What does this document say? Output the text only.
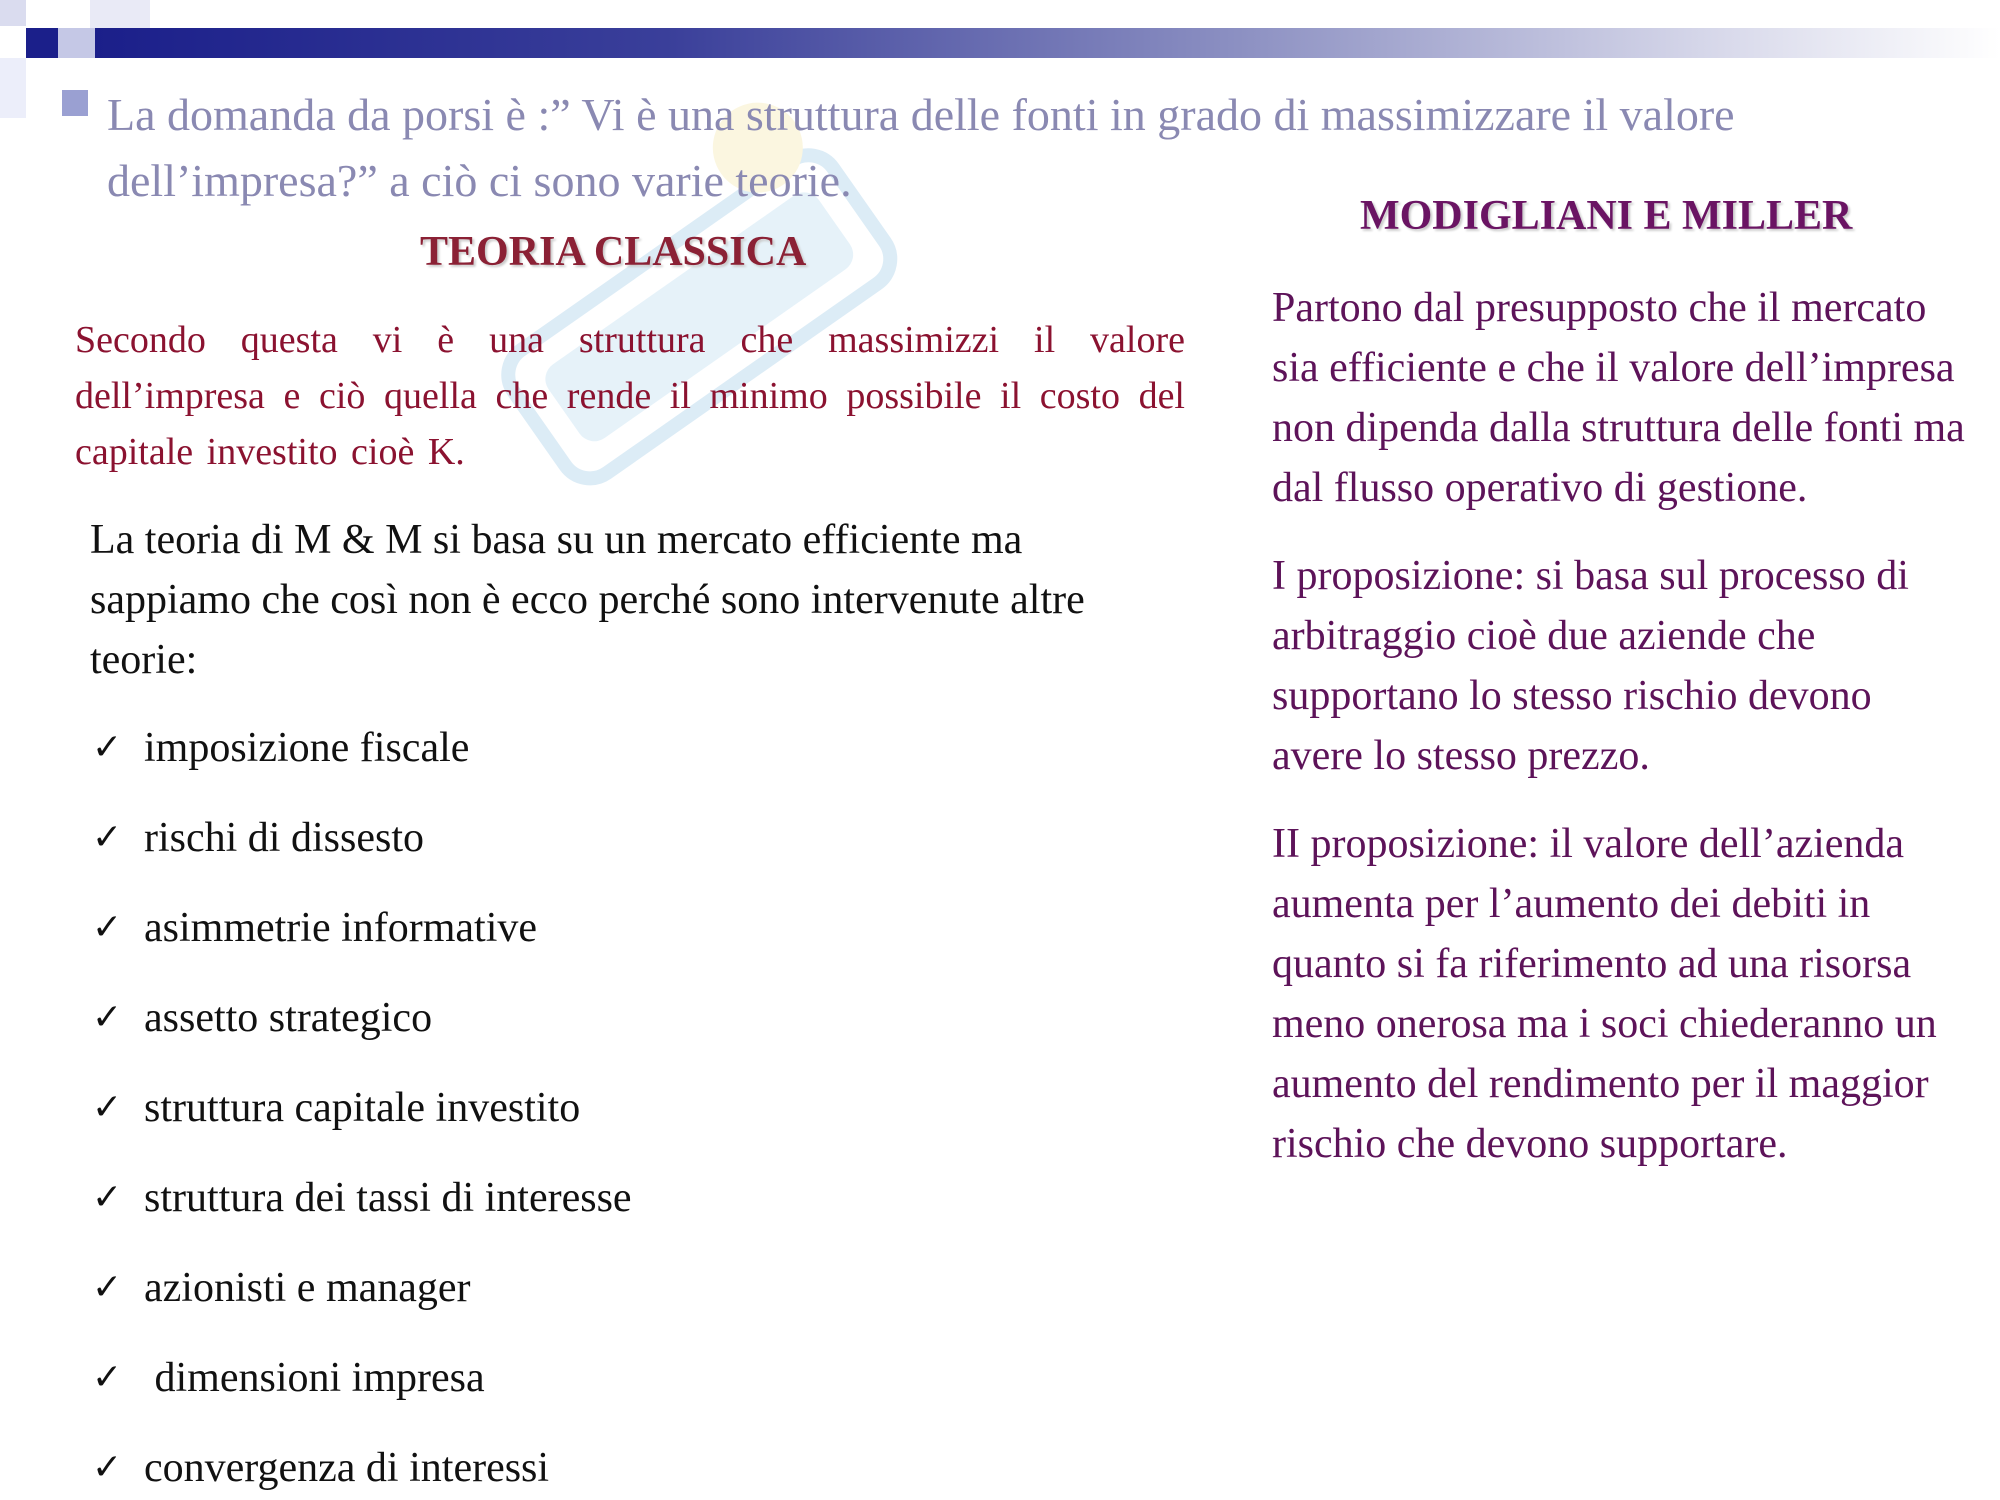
La domanda da porsi è :” Vi è una struttura delle fonti in grado di massimizzare il valore dell’impresa?” a ciò ci sono varie teorie.
TEORIA CLASSICA
MODIGLIANI E MILLER
Secondo questa vi è una struttura che massimizzi il valore dell’impresa e ciò quella che rende il minimo possibile il costo del capitale investito cioè K.
La teoria di M & M si basa su un mercato efficiente ma sappiamo che così non è ecco perché sono intervenute altre teorie:
✓ imposizione fiscale
✓ rischi di dissesto
✓ asimmetrie informative
✓ assetto strategico
✓ struttura capitale investito
✓ struttura dei tassi di interesse
✓ azionisti e manager
✓ dimensioni impresa
✓ convergenza di interessi

Partono dal presupposto che il mercato sia efficiente e che il valore dell’impresa non dipenda dalla struttura delle fonti ma dal flusso operativo di gestione.

I proposizione: si basa sul processo di arbitraggio cioè due aziende che supportano lo stesso rischio devono avere lo stesso prezzo.

II proposizione: il valore dell’azienda aumenta per l’aumento dei debiti in quanto si fa riferimento ad una risorsa meno onerosa ma i soci chiederanno un aumento del rendimento per il maggior rischio che devono supportare.
